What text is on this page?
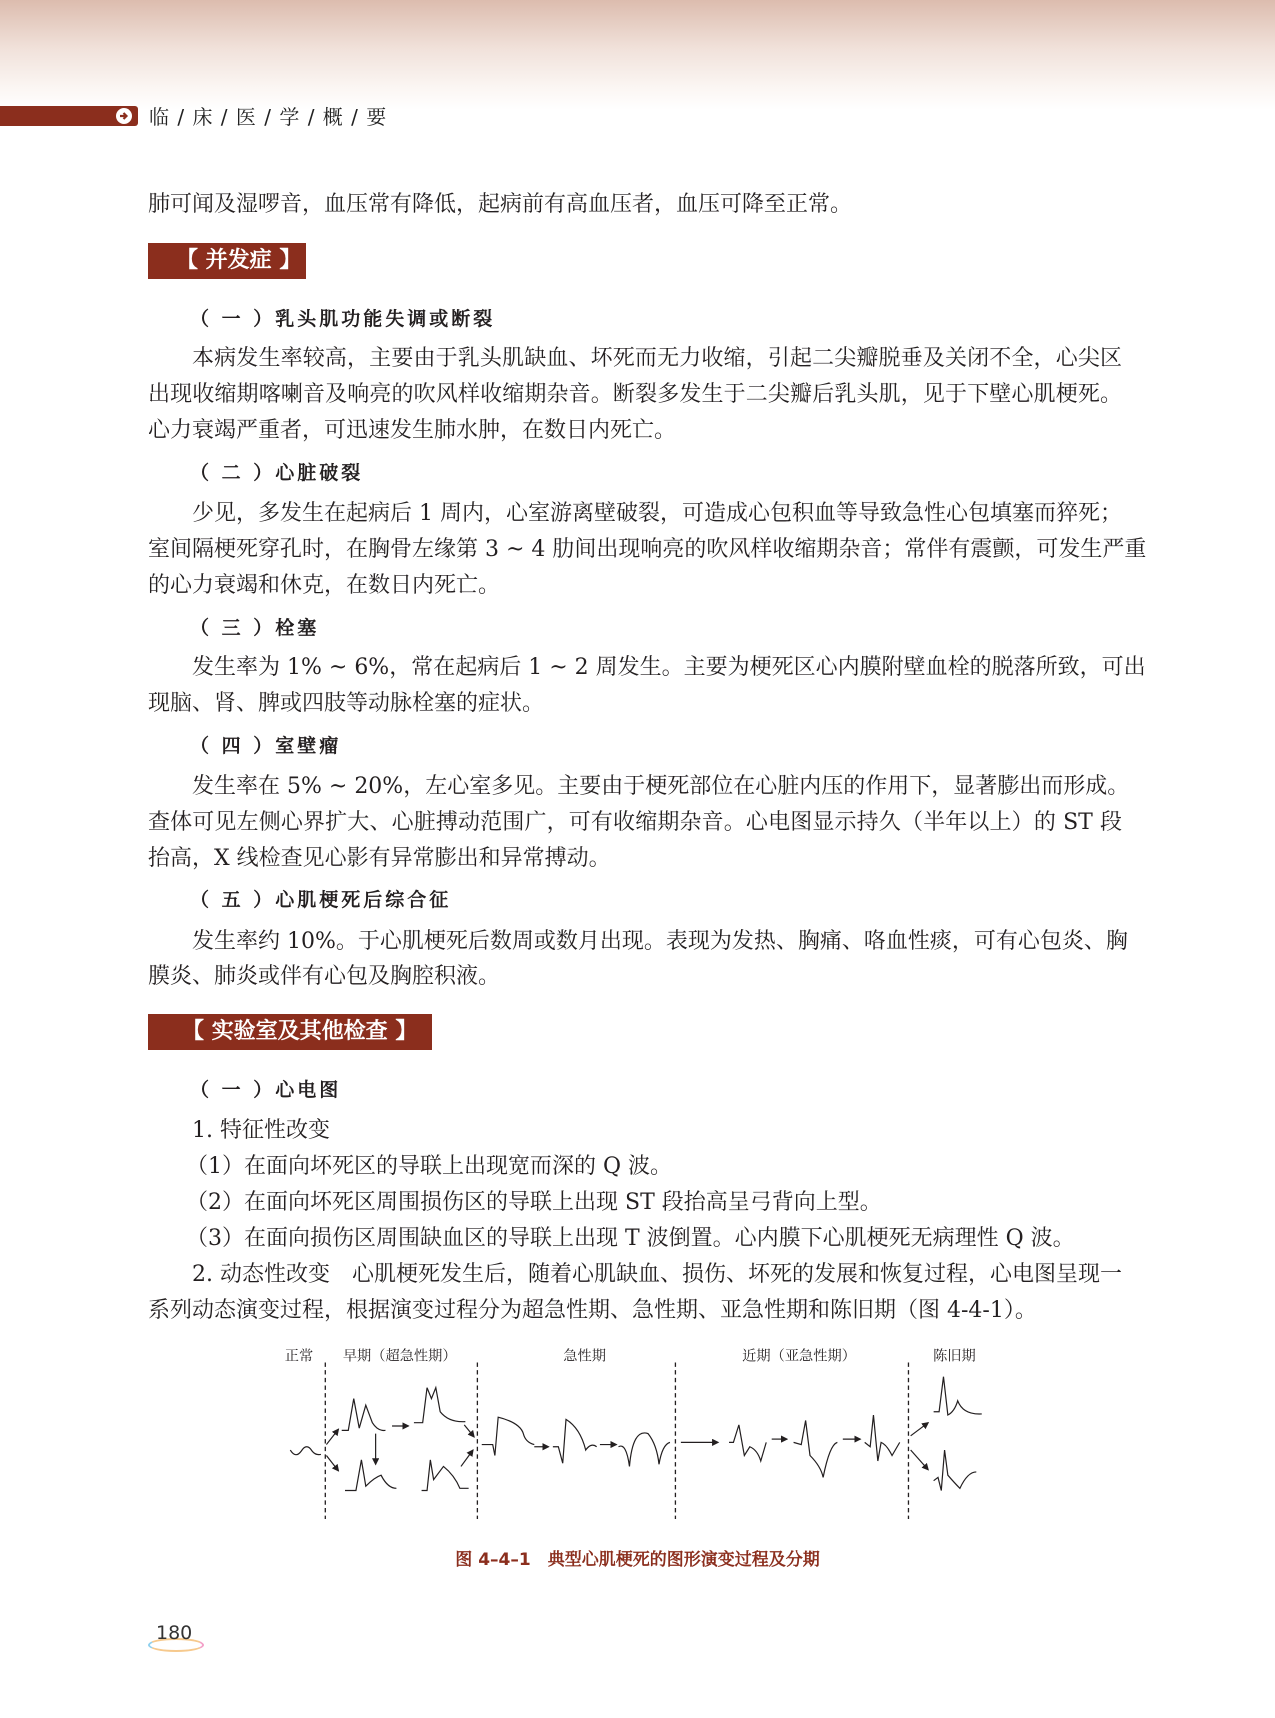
临 / 床 / 医 / 学 / 概 / 要
肺可闻及湿啰音，血压常有降低，起病前有高血压者，血压可降至正常。
【 并发症 】
（ 一 ）乳头肌功能失调或断裂
本病发生率较高，主要由于乳头肌缺血、坏死而无力收缩，引起二尖瓣脱垂及关闭不全，心尖区
出现收缩期喀喇音及响亮的吹风样收缩期杂音。断裂多发生于二尖瓣后乳头肌，见于下壁心肌梗死。
心力衰竭严重者，可迅速发生肺水肿，在数日内死亡。
（ 二 ）心脏破裂
少见，多发生在起病后 1 周内，心室游离壁破裂，可造成心包积血等导致急性心包填塞而猝死；
室间隔梗死穿孔时，在胸骨左缘第 3 ~ 4 肋间出现响亮的吹风样收缩期杂音；常伴有震颤，可发生严重
的心力衰竭和休克，在数日内死亡。
（ 三 ）栓塞
发生率为 1% ~ 6%，常在起病后 1 ~ 2 周发生。主要为梗死区心内膜附壁血栓的脱落所致，可出
现脑、肾、脾或四肢等动脉栓塞的症状。
（ 四 ）室壁瘤
发生率在 5% ~ 20%，左心室多见。主要由于梗死部位在心脏内压的作用下，显著膨出而形成。
查体可见左侧心界扩大、心脏搏动范围广，可有收缩期杂音。心电图显示持久（半年以上）的 ST 段
抬高，X 线检查见心影有异常膨出和异常搏动。
（ 五 ）心肌梗死后综合征
发生率约 10%。于心肌梗死后数周或数月出现。表现为发热、胸痛、咯血性痰，可有心包炎、胸
膜炎、肺炎或伴有心包及胸腔积液。
【 实验室及其他检查 】
（ 一 ）心电图
1. 特征性改变
（1）在面向坏死区的导联上出现宽而深的 Q 波。
（2）在面向坏死区周围损伤区的导联上出现 ST 段抬高呈弓背向上型。
（3）在面向损伤区周围缺血区的导联上出现 T 波倒置。心内膜下心肌梗死无病理性 Q 波。
2. 动态性改变　心肌梗死发生后，随着心肌缺血、损伤、坏死的发展和恢复过程，心电图呈现一
系列动态演变过程，根据演变过程分为超急性期、急性期、亚急性期和陈旧期（图 4-4-1）。
正常 早期（超急性期）	急性期	近期（亚急性期）	陈旧期
图 4–4–1　典型心肌梗死的图形演变过程及分期
180
